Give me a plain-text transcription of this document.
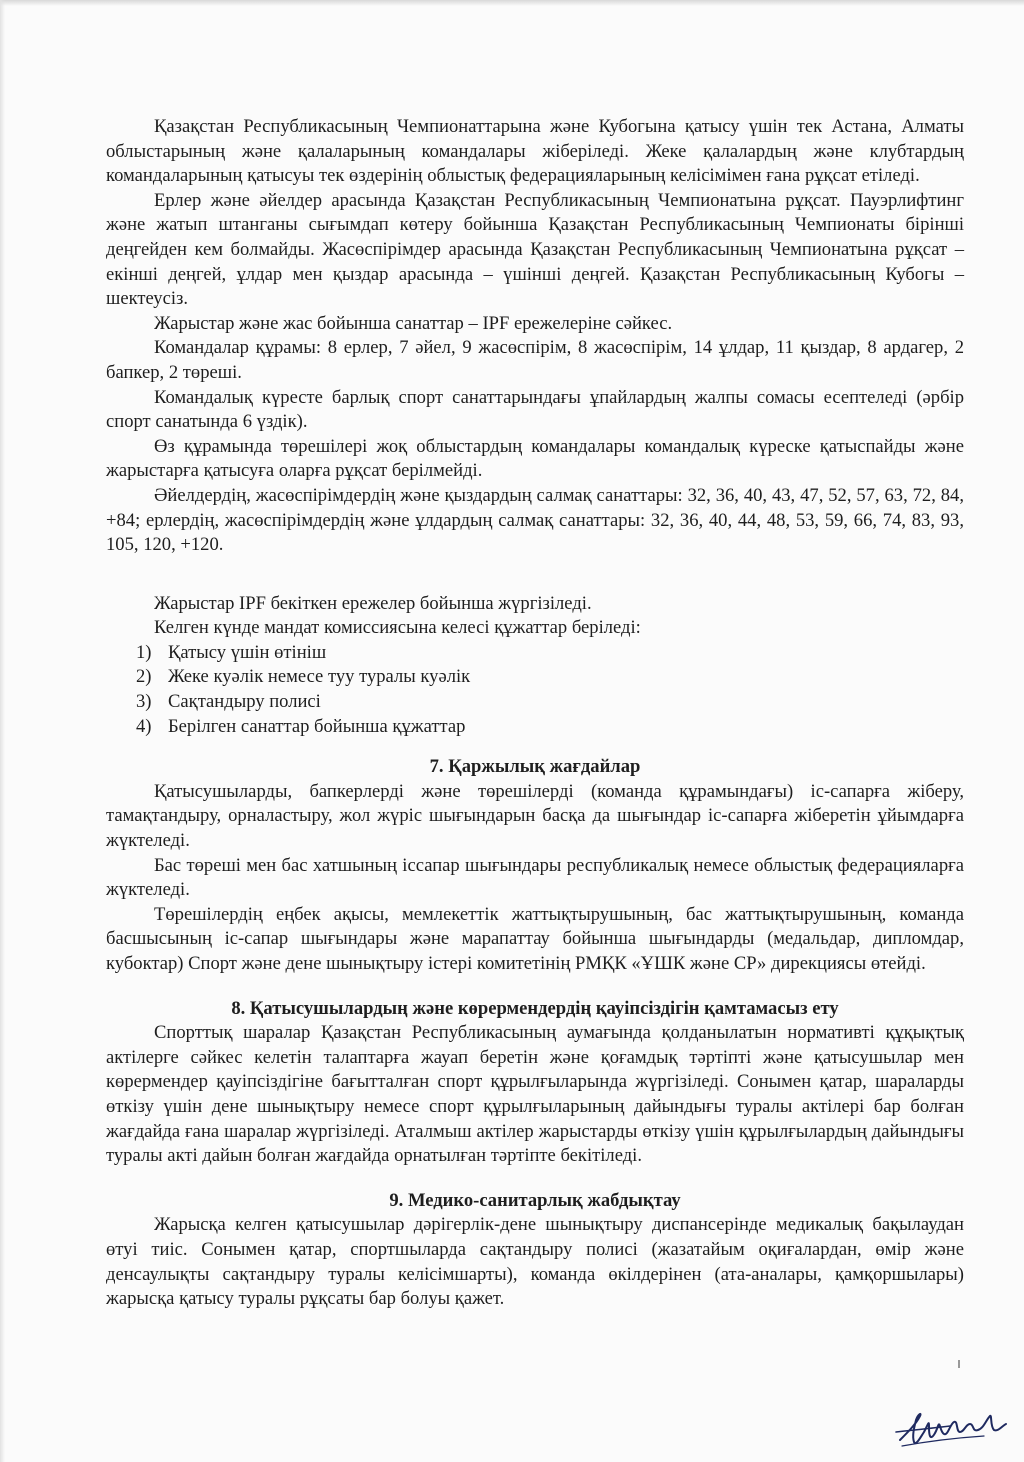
Қазақстан Республикасының Чемпионаттарына және Кубогына қатысу үшін тек Астана, Алматы облыстарының және қалаларының командалары жіберіледі. Жеке қалалардың және клубтардың командаларының қатысуы тек өздерінің облыстық федерацияларының келісімімен ғана рұқсат етіледі.

Ерлер және әйелдер арасында Қазақстан Республикасының Чемпионатына рұқсат. Пауэрлифтинг және жатып штанганы сығымдап көтеру бойынша Қазақстан Республикасының Чемпионаты бірінші деңгейден кем болмайды. Жасөспірімдер арасында Қазақстан Республикасының Чемпионатына рұқсат – екінші деңгей, ұлдар мен қыздар арасында – үшінші деңгей. Қазақстан Республикасының Кубогы – шектеусіз.

Жарыстар және жас бойынша санаттар – IPF ережелеріне сәйкес.

Командалар құрамы: 8 ерлер, 7 әйел, 9 жасөспірім, 8 жасөспірім, 14 ұлдар, 11 қыздар, 8 ардагер, 2 бапкер, 2 төреші.

Командалық күресте барлық спорт санаттарындағы ұпайлардың жалпы сомасы есептеледі (әрбір спорт санатында 6 үздік).

Өз құрамында төрешілері жоқ облыстардың командалары командалық күреске қатыспайды және жарыстарға қатысуға оларға рұқсат берілмейді.

Әйелдердің, жасөспірімдердің және қыздардың салмақ санаттары: 32, 36, 40, 43, 47, 52, 57, 63, 72, 84, +84; ерлердің, жасөспірімдердің және ұлдардың салмақ санаттары: 32, 36, 40, 44, 48, 53, 59, 66, 74, 83, 93, 105, 120, +120.

Жарыстар IPF бекіткен ережелер бойынша жүргізіледі.

Келген күнде мандат комиссиясына келесі құжаттар беріледі:

1) Қатысу үшін өтініш
2) Жеке куәлік немесе туу туралы куәлік
3) Сақтандыру полисі
4) Берілген санаттар бойынша құжаттар
7. Қаржылық жағдайлар

Қатысушыларды, бапкерлерді және төрешілерді (команда құрамындағы) іс-сапарға жіберу, тамақтандыру, орналастыру, жол жүріс шығындарын басқа да шығындар іс-сапарға жіберетін ұйымдарға жүктеледі.

Бас төреші мен бас хатшының іссапар шығындары республикалық немесе облыстық федерацияларға жүктеледі.

Төрешілердің еңбек ақысы, мемлекеттік жаттықтырушының, бас жаттықтырушының, команда басшысының іс-сапар шығындары және марапаттау бойынша шығындарды (медальдар, дипломдар, кубоктар) Спорт және дене шынықтыру істері комитетінің РМҚК «ҰШК және СР» дирекциясы өтейді.

8. Қатысушылардың және көрермендердің қауіпсіздігін қамтамасыз ету

Спорттық шаралар Қазақстан Республикасының аумағында қолданылатын нормативті құқықтық актілерге сәйкес келетін талаптарға жауап беретін және қоғамдық тәртіпті және қатысушылар мен көрермендер қауіпсіздігіне бағытталған спорт құрылғыларында жүргізіледі. Сонымен қатар, шараларды өткізу үшін дене шынықтыру немесе спорт құрылғыларының дайындығы туралы актілері бар болған жағдайда ғана шаралар жүргізіледі. Аталмыш актілер жарыстарды өткізу үшін құрылғылардың дайындығы туралы акті дайын болған жағдайда орнатылған тәртіпте бекітіледі.

9. Медико-санитарлық жабдықтау

Жарысқа келген қатысушылар дәрігерлік-дене шынықтыру диспансерінде медикалық бақылаудан өтуі тиіс. Сонымен қатар, спортшыларда сақтандыру полисі (жазатайым оқиғалардан, өмір және денсаулықты сақтандыру туралы келісімшарты), команда өкілдерінен (ата-аналары, қамқоршылары) жарысқа қатысу туралы рұқсаты бар болуы қажет.
